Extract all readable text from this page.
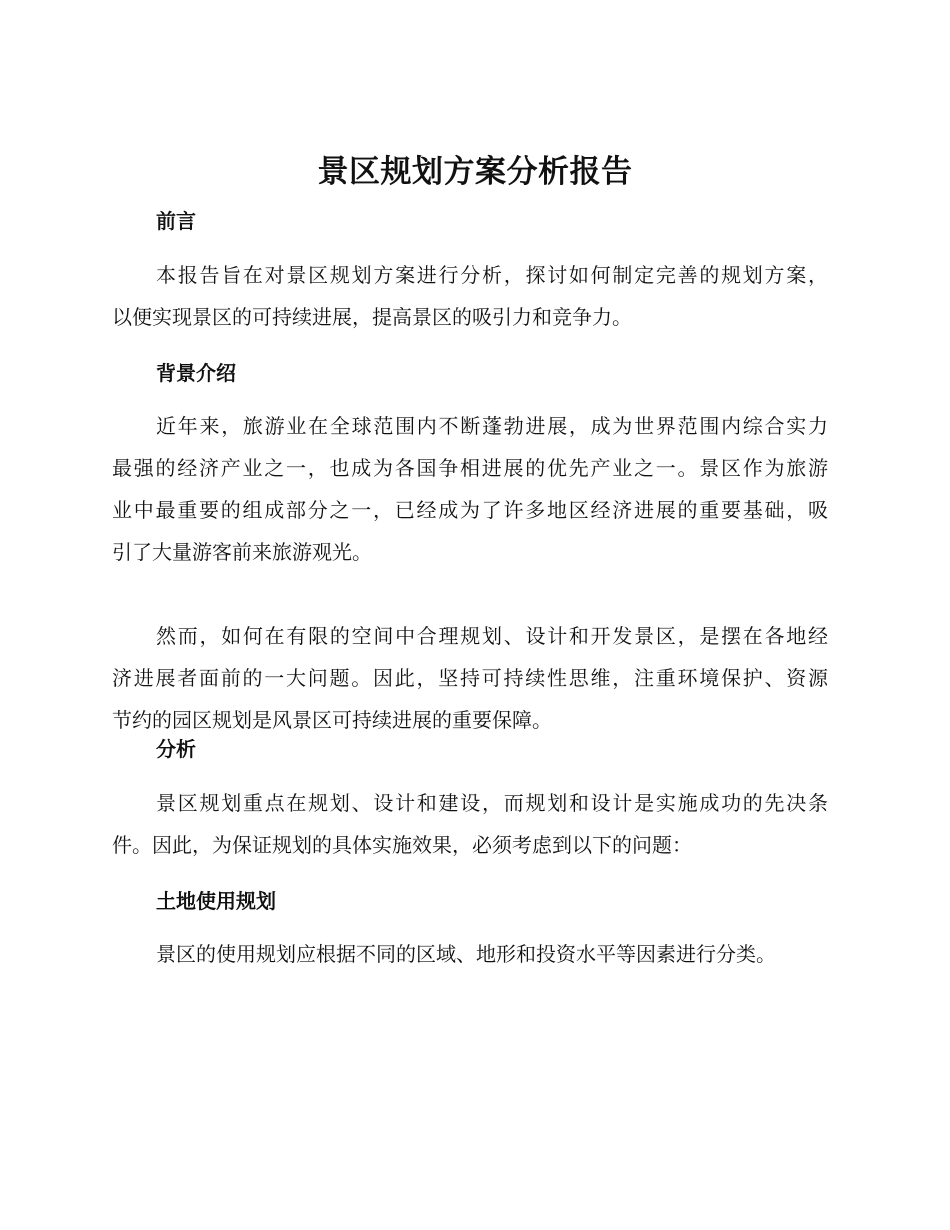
景区规划方案分析报告
前言

本报告旨在对景区规划方案进行分析，探讨如何制定完善的规划方案，
以便实现景区的可持续进展，提高景区的吸引力和竞争力。

背景介绍

近年来，旅游业在全球范围内不断蓬勃进展，成为世界范围内综合实力
最强的经济产业之一，也成为各国争相进展的优先产业之一。景区作为旅游
业中最重要的组成部分之一，已经成为了许多地区经济进展的重要基础，吸
引了大量游客前来旅游观光。

然而，如何在有限的空间中合理规划、设计和开发景区，是摆在各地经
济进展者面前的一大问题。因此，坚持可持续性思维，注重环境保护、资源
节约的园区规划是风景区可持续进展的重要保障。

分析

景区规划重点在规划、设计和建设，而规划和设计是实施成功的先决条
件。因此，为保证规划的具体实施效果，必须考虑到以下的问题：

土地使用规划

景区的使用规划应根据不同的区域、地形和投资水平等因素进行分类。
